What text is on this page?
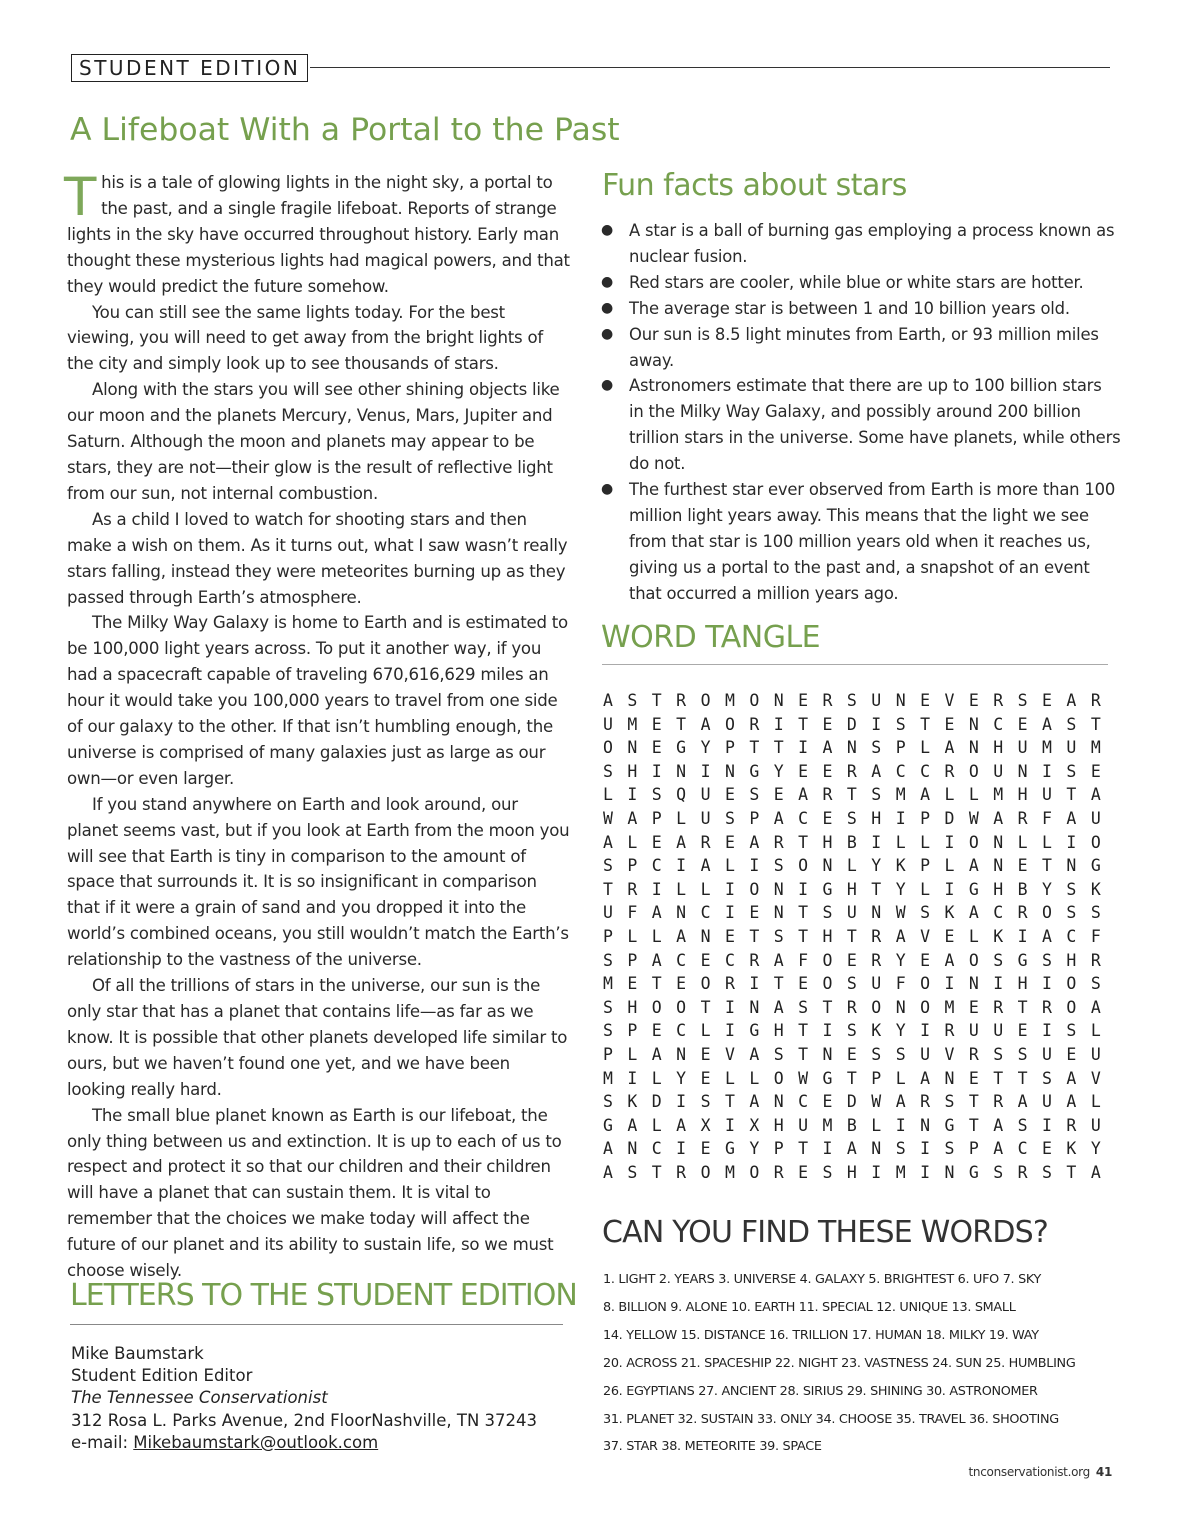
STUDENT EDITION
A Lifeboat With a Portal to the Past

This is a tale of glowing lights in the night sky, a portal to the past, and a single fragile lifeboat. Reports of strange lights in the sky have occurred throughout history. Early man thought these mysterious lights had magical powers, and that they would predict the future somehow.

You can still see the same lights today. For the best viewing, you will need to get away from the bright lights of the city and simply look up to see thousands of stars.

Along with the stars you will see other shining objects like our moon and the planets Mercury, Venus, Mars, Jupiter and Saturn. Although the moon and planets may appear to be stars, they are not—their glow is the result of reflective light from our sun, not internal combustion.

As a child I loved to watch for shooting stars and then make a wish on them. As it turns out, what I saw wasn’t really stars falling, instead they were meteorites burning up as they passed through Earth’s atmosphere.

The Milky Way Galaxy is home to Earth and is estimated to be 100,000 light years across. To put it another way, if you had a spacecraft capable of traveling 670,616,629 miles an hour it would take you 100,000 years to travel from one side of our galaxy to the other. If that isn’t humbling enough, the universe is comprised of many galaxies just as large as our own—or even larger.

If you stand anywhere on Earth and look around, our planet seems vast, but if you look at Earth from the moon you will see that Earth is tiny in comparison to the amount of space that surrounds it. It is so insignificant in comparison that if it were a grain of sand and you dropped it into the world’s combined oceans, you still wouldn’t match the Earth’s relationship to the vastness of the universe.

Of all the trillions of stars in the universe, our sun is the only star that has a planet that contains life—as far as we know. It is possible that other planets developed life similar to ours, but we haven’t found one yet, and we have been looking really hard.

The small blue planet known as Earth is our lifeboat, the only thing between us and extinction. It is up to each of us to respect and protect it so that our children and their children will have a planet that can sustain them. It is vital to remember that the choices we make today will affect the future of our planet and its ability to sustain life, so we must choose wisely.

Fun facts about stars
● A star is a ball of burning gas employing a process known as nuclear fusion.
● Red stars are cooler, while blue or white stars are hotter.
● The average star is between 1 and 10 billion years old.
● Our sun is 8.5 light minutes from Earth, or 93 million miles away.
● Astronomers estimate that there are up to 100 billion stars in the Milky Way Galaxy, and possibly around 200 billion trillion stars in the universe. Some have planets, while others do not.
● The furthest star ever observed from Earth is more than 100 million light years away. This means that the light we see from that star is 100 million years old when it reaches us, giving us a portal to the past and, a snapshot of an event that occurred a million years ago.
WORD TANGLE
A S T R O M O N E R S U N E V E R S E A R
U M E T A O R I T E D I S T E N C E A S T
O N E G Y P T T I A N S P L A N H U M U M
S H I N I N G Y E E R A C C R O U N I S E
L I S Q U E S E A R T S M A L L M H U T A
W A P L U S P A C E S H I P D W A R F A U
A L E A R E A R T H B I L L I O N L L I O
S P C I A L I S O N L Y K P L A N E T N G
T R I L L I O N I G H T Y L I G H B Y S K
U F A N C I E N T S U N W S K A C R O S S
P L L A N E T S T H T R A V E L K I A C F
S P A C E C R A F O E R Y E A O S G S H R
M E T E O R I T E O S U F O I N I H I O S
S H O O T I N A S T R O N O M E R T R O A
S P E C L I G H T I S K Y I R U U E I S L
P L A N E V A S T N E S S U V R S S U E U
M I L Y E L L O W G T P L A N E T T S A V
S K D I S T A N C E D W A R S T R A U A L
G A L A X I X H U M B L I N G T A S I R U
A N C I E G Y P T I A N S I S P A C E K Y
A S T R O M O R E S H I M I N G S R S T A
CAN YOU FIND THESE WORDS?
1. LIGHT 2. YEARS 3. UNIVERSE 4. GALAXY 5. BRIGHTEST 6. UFO 7. SKY
8. BILLION 9. ALONE 10. EARTH 11. SPECIAL 12. UNIQUE 13. SMALL
14. YELLOW 15. DISTANCE 16. TRILLION 17. HUMAN 18. MILKY 19. WAY
20. ACROSS 21. SPACESHIP 22. NIGHT 23. VASTNESS 24. SUN 25. HUMBLING
26. EGYPTIANS 27. ANCIENT 28. SIRIUS 29. SHINING 30. ASTRONOMER
31. PLANET 32. SUSTAIN 33. ONLY 34. CHOOSE 35. TRAVEL 36. SHOOTING
37. STAR 38. METEORITE 39. SPACE
LETTERS TO THE STUDENT EDITION
Mike Baumstark
Student Edition Editor
The Tennessee Conservationist
312 Rosa L. Parks Avenue, 2nd FloorNashville, TN 37243
e-mail: Mikebaumstark@outlook.com
tnconservationist.org 41
